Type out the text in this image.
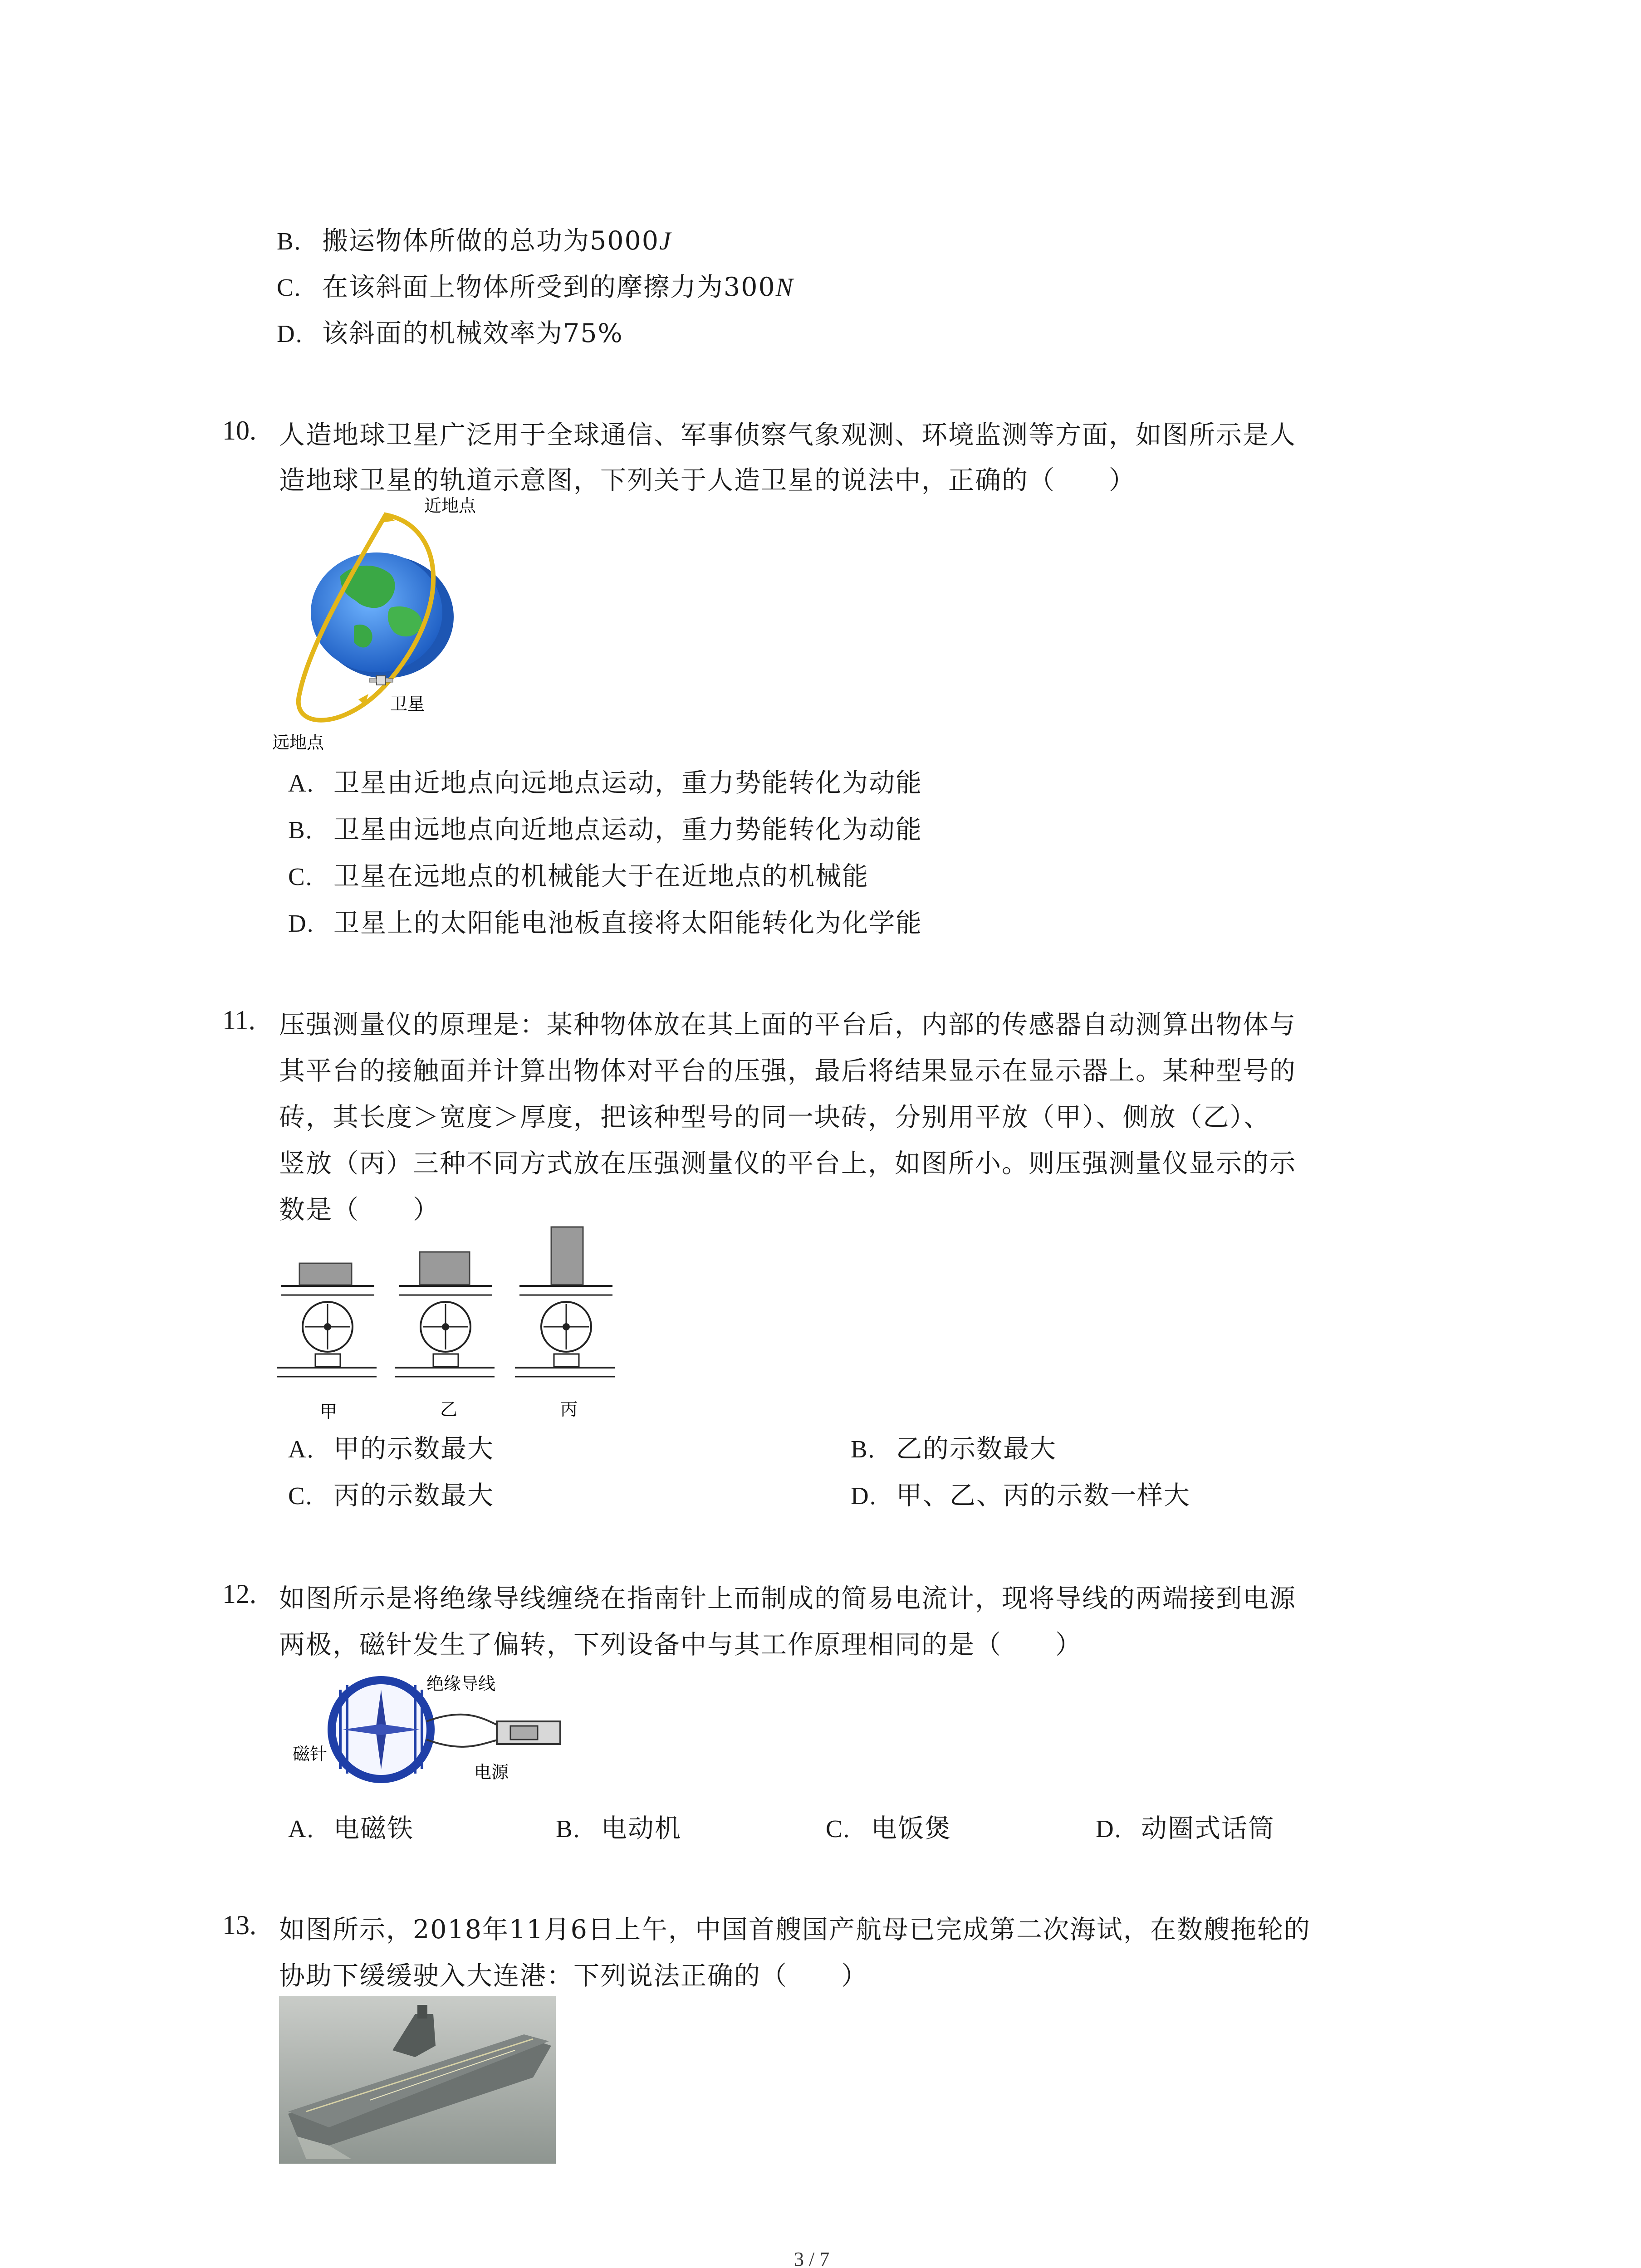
B. 搬运物体所做的总功为5000J
C. 在该斜面上物体所受到的摩擦力为300N
D. 该斜面的机械效率为75%
10. 人造地球卫星广泛用于全球通信、军事侦察气象观测、环境监测等方面，如图所示是人
造地球卫星的轨道示意图，下列关于人造卫星的说法中，正确的（　　）
近地点
卫星
远地点
A. 卫星由近地点向远地点运动，重力势能转化为动能
B. 卫星由远地点向近地点运动，重力势能转化为动能
C. 卫星在远地点的机械能大于在近地点的机械能
D. 卫星上的太阳能电池板直接将太阳能转化为化学能
11. 压强测量仪的原理是：某种物体放在其上面的平台后，内部的传感器自动测算出物体与
其平台的接触面并计算出物体对平台的压强，最后将结果显示在显示器上。某种型号的
砖，其长度＞宽度＞厚度，把该种型号的同一块砖，分别用平放（甲）、侧放（乙）、
竖放（丙）三种不同方式放在压强测量仪的平台上，如图所小。则压强测量仪显示的示
数是（　　）
甲	乙	丙
A. 甲的示数最大	B. 乙的示数最大
C. 丙的示数最大	D. 甲、乙、丙的示数一样大
12. 如图所示是将绝缘导线缠绕在指南针上而制成的简易电流计，现将导线的两端接到电源
两极，磁针发生了偏转，下列设备中与其工作原理相同的是（　　）
绝缘导线
磁针
电源
A. 电磁铁	B. 电动机	C. 电饭煲	D. 动圈式话筒
13. 如图所示，2018年11月6日上午，中国首艘国产航母已完成第二次海试，在数艘拖轮的
协助下缓缓驶入大连港：下列说法正确的（　　）
3 / 7
